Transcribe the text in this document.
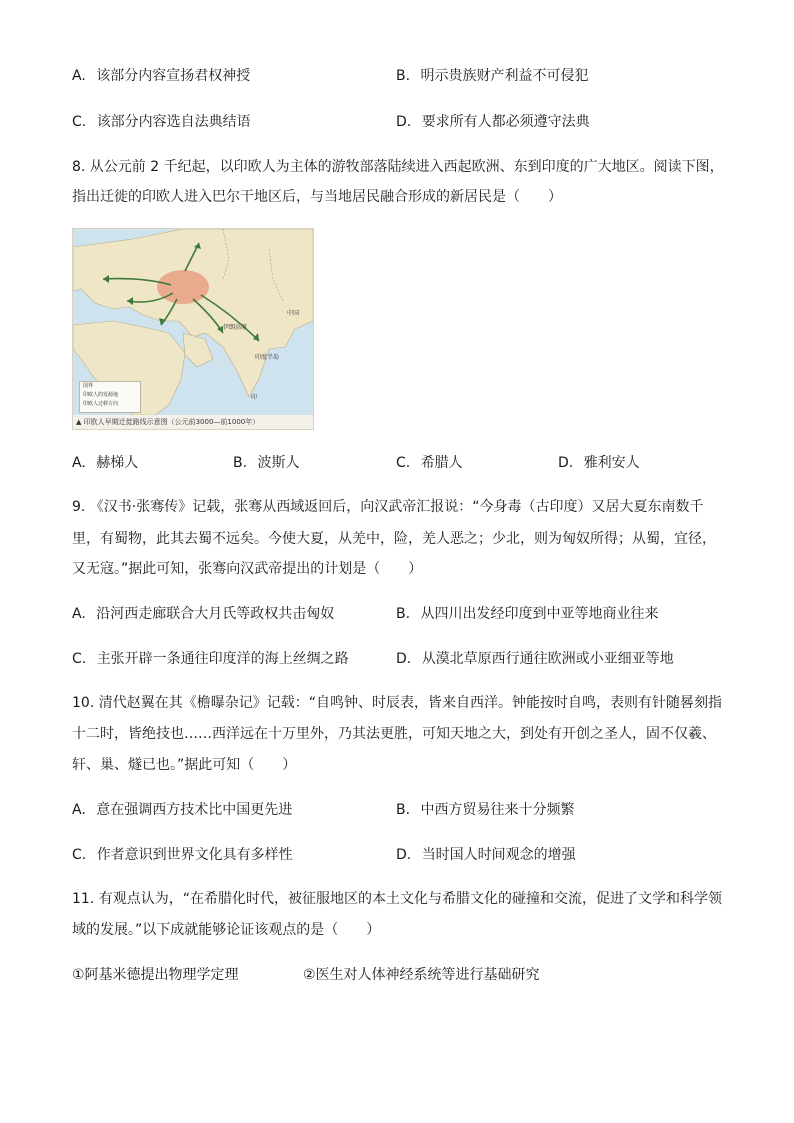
A. 该部分内容宣扬君权神授	B. 明示贵族财产利益不可侵犯
C. 该部分内容选自法典结语	D. 要求所有人都必须遵守法典
8. 从公元前 2 千纪起，以印欧人为主体的游牧部落陆续进入西起欧洲、东到印度的广大地区。阅读下图，
指出迁徙的印欧人进入巴尔干地区后，与当地居民融合形成的新居民是（　　）
伊朗高原
印度半岛
中国
印
国界
印欧人的发源地
印欧人迁移方向
▲ 印欧人早期迁徙路线示意图（公元前3000—前1000年）
A. 赫梯人	B. 波斯人	C. 希腊人	D. 雅利安人
9. 《汉书·张骞传》记载，张骞从西域返回后，向汉武帝汇报说：“今身毒（古印度）又居大夏东南数千
里，有蜀物，此其去蜀不远矣。今使大夏，从羌中，险，羌人恶之；少北，则为匈奴所得；从蜀，宜径，
又无寇。”据此可知，张骞向汉武帝提出的计划是（　　）
A. 沿河西走廊联合大月氏等政权共击匈奴	B. 从四川出发经印度到中亚等地商业往来
C. 主张开辟一条通往印度洋的海上丝绸之路	D. 从漠北草原西行通往欧洲或小亚细亚等地
10. 清代赵翼在其《檐曝杂记》记载：“自鸣钟、时辰表，皆来自西洋。钟能按时自鸣，表则有针随晷刻指
十二时，皆绝技也……西洋远在十万里外，乃其法更胜，可知天地之大，到处有开创之圣人，固不仅羲、
轩、巢、燧已也。”据此可知（　　）
A. 意在强调西方技术比中国更先进	B. 中西方贸易往来十分频繁
C. 作者意识到世界文化具有多样性	D. 当时国人时间观念的增强
11. 有观点认为，“在希腊化时代，被征服地区的本土文化与希腊文化的碰撞和交流，促进了文学和科学领
域的发展。”以下成就能够论证该观点的是（　　）
①阿基米德提出物理学定理	②医生对人体神经系统等进行基础研究
